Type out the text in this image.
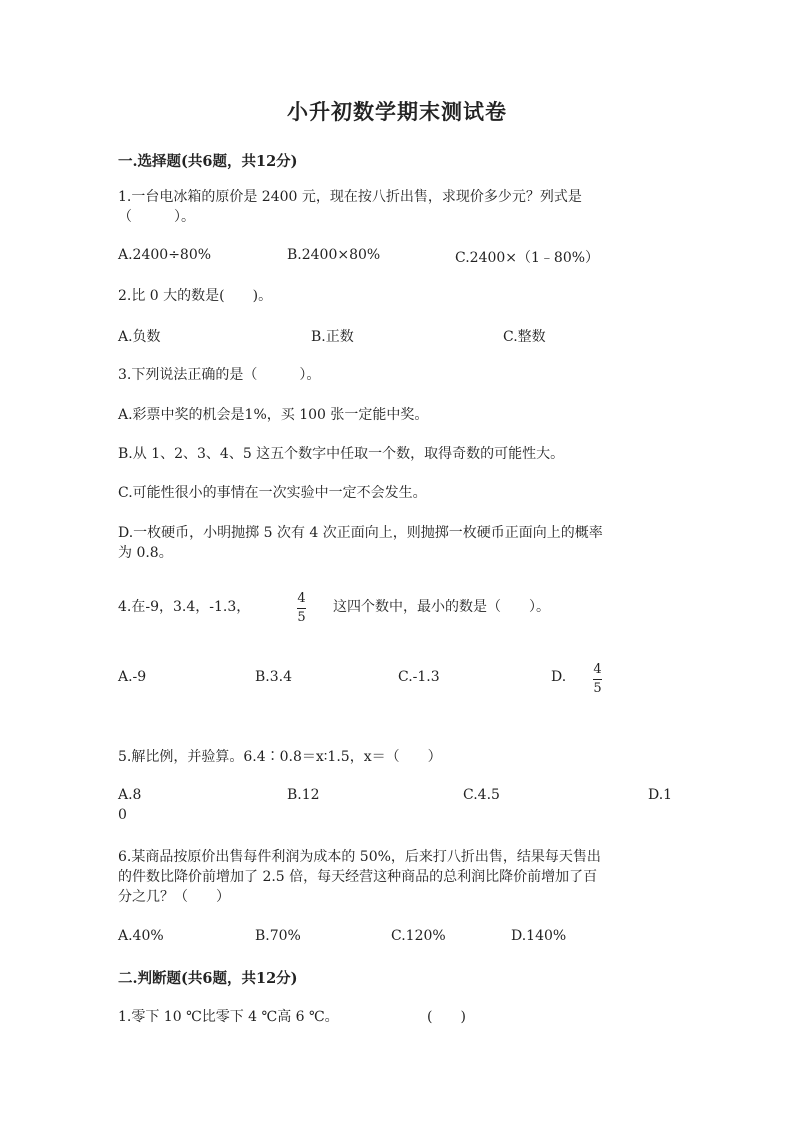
小升初数学期末测试卷
一.选择题(共6题，共12分)
1.一台电冰箱的原价是 2400 元，现在按八折出售，求现价多少元？列式是
（　　　）。
A.2400÷80%	B.2400×80%	C.2400×（1﹣80%）
2.比 0 大的数是(　　)。
A.负数	B.正数	C.整数
3.下列说法正确的是（　　　）。
A.彩票中奖的机会是1%，买 100 张一定能中奖。
B.从 1、2、3、4、5 这五个数字中任取一个数，取得奇数的可能性大。
C.可能性很小的事情在一次实验中一定不会发生。
D.一枚硬币，小明抛掷 5 次有 4 次正面向上，则抛掷一枚硬币正面向上的概率
为 0.8。
4.在-9，3.4，-1.3，
4
5
这四个数中，最小的数是（　　）。
A.-9	B.3.4	C.-1.3	D. 4
5
5.解比例，并验算。6.4∶0.8＝x∶1.5，x＝（　　）
A.8	B.12	C.4.5	D.1
0
6.某商品按原价出售每件利润为成本的 50%，后来打八折出售，结果每天售出
的件数比降价前增加了 2.5 倍，每天经营这种商品的总利润比降价前增加了百
分之几？（　　）
A.40%	B.70%	C.120%	D.140%
二.判断题(共6题，共12分)
1.零下 10 ℃比零下 4 ℃高 6 ℃。	(　　)
